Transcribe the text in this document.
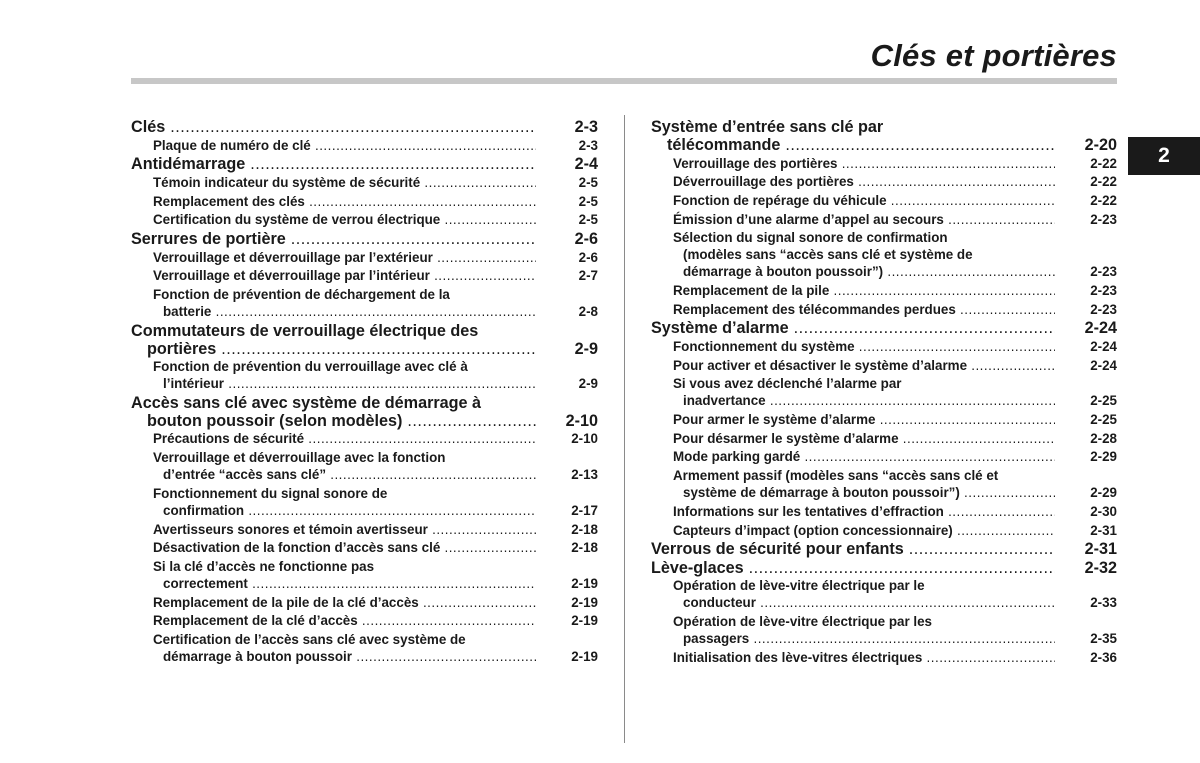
Clés et portières
2
Clés .....	2-3
Plaque de numéro de clé .....	2-3
Antidémarrage .....	2-4
Témoin indicateur du système de sécurité .....	2-5
Remplacement des clés .....	2-5
Certification du système de verrou électrique .....	2-5
Serrures de portière .....	2-6
Verrouillage et déverrouillage par l’extérieur .....	2-6
Verrouillage et déverrouillage par l’intérieur .....	2-7
Fonction de prévention de déchargement de la
batterie .....	2-8
Commutateurs de verrouillage électrique des
portières .....	2-9
Fonction de prévention du verrouillage avec clé à
l’intérieur .....	2-9
Accès sans clé avec système de démarrage à
bouton poussoir (selon modèles) .....	2-10
Précautions de sécurité .....	2-10
Verrouillage et déverrouillage avec la fonction
d’entrée “accès sans clé” .....	2-13
Fonctionnement du signal sonore de
confirmation .....	2-17
Avertisseurs sonores et témoin avertisseur .....	2-18
Désactivation de la fonction d’accès sans clé .....	2-18
Si la clé d’accès ne fonctionne pas
correctement .....	2-19
Remplacement de la pile de la clé d’accès .....	2-19
Remplacement de la clé d’accès .....	2-19
Certification de l’accès sans clé avec système de
démarrage à bouton poussoir .....	2-19
Système d’entrée sans clé par
télécommande .....	2-20
Verrouillage des portières .....	2-22
Déverrouillage des portières .....	2-22
Fonction de repérage du véhicule .....	2-22
Émission d’une alarme d’appel au secours .....	2-23
Sélection du signal sonore de confirmation
(modèles sans “accès sans clé et système de
démarrage à bouton poussoir”) .....	2-23
Remplacement de la pile .....	2-23
Remplacement des télécommandes perdues .....	2-23
Système d’alarme .....	2-24
Fonctionnement du système .....	2-24
Pour activer et désactiver le système d’alarme .....	2-24
Si vous avez déclenché l’alarme par
inadvertance .....	2-25
Pour armer le système d’alarme .....	2-25
Pour désarmer le système d’alarme .....	2-28
Mode parking gardé .....	2-29
Armement passif (modèles sans “accès sans clé et
système de démarrage à bouton poussoir”) .....	2-29
Informations sur les tentatives d’effraction .....	2-30
Capteurs d’impact (option concessionnaire) .....	2-31
Verrous de sécurité pour enfants .....	2-31
Lève-glaces .....	2-32
Opération de lève-vitre électrique par le
conducteur .....	2-33
Opération de lève-vitre électrique par les
passagers .....	2-35
Initialisation des lève-vitres électriques .....	2-36
